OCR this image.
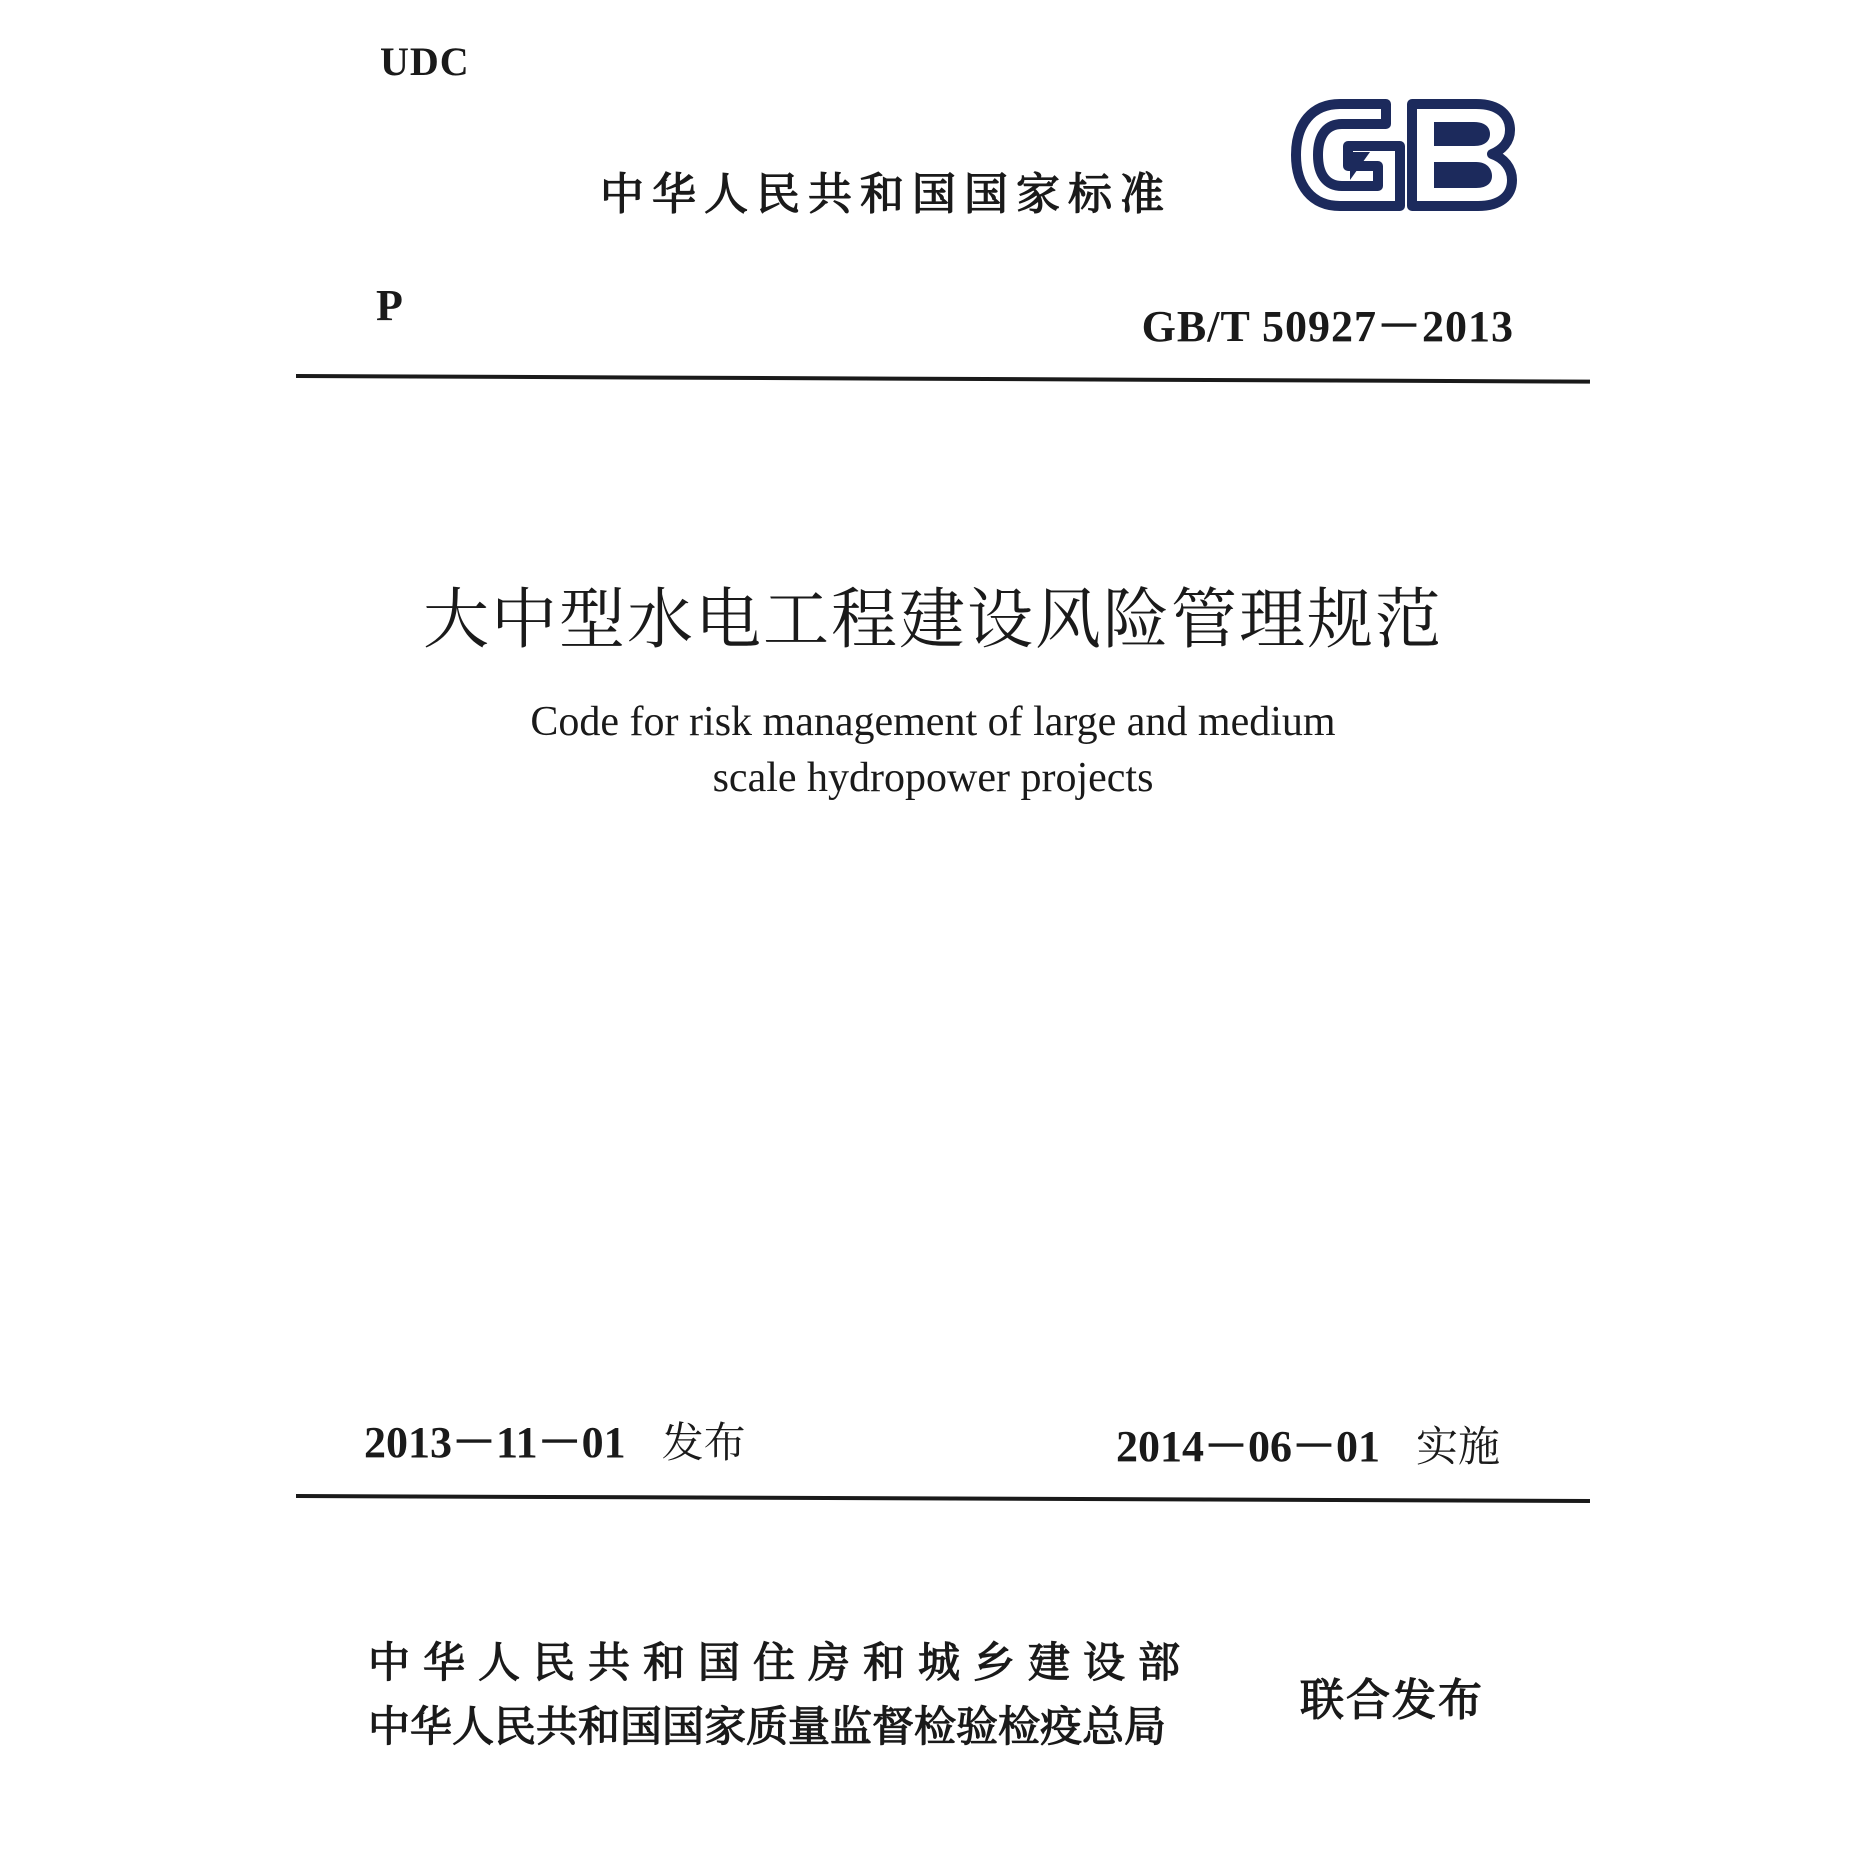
UDC
中华人民共和国国家标准
GB
P	GB/T 50927－2013
大中型水电工程建设风险管理规范
Code for risk management of large and medium
scale hydropower projects
2013－11－01 发布	2014－06－01 实施
中华人民共和国住房和城乡建设部
中华人民共和国国家质量监督检验检疫总局
联合发布
